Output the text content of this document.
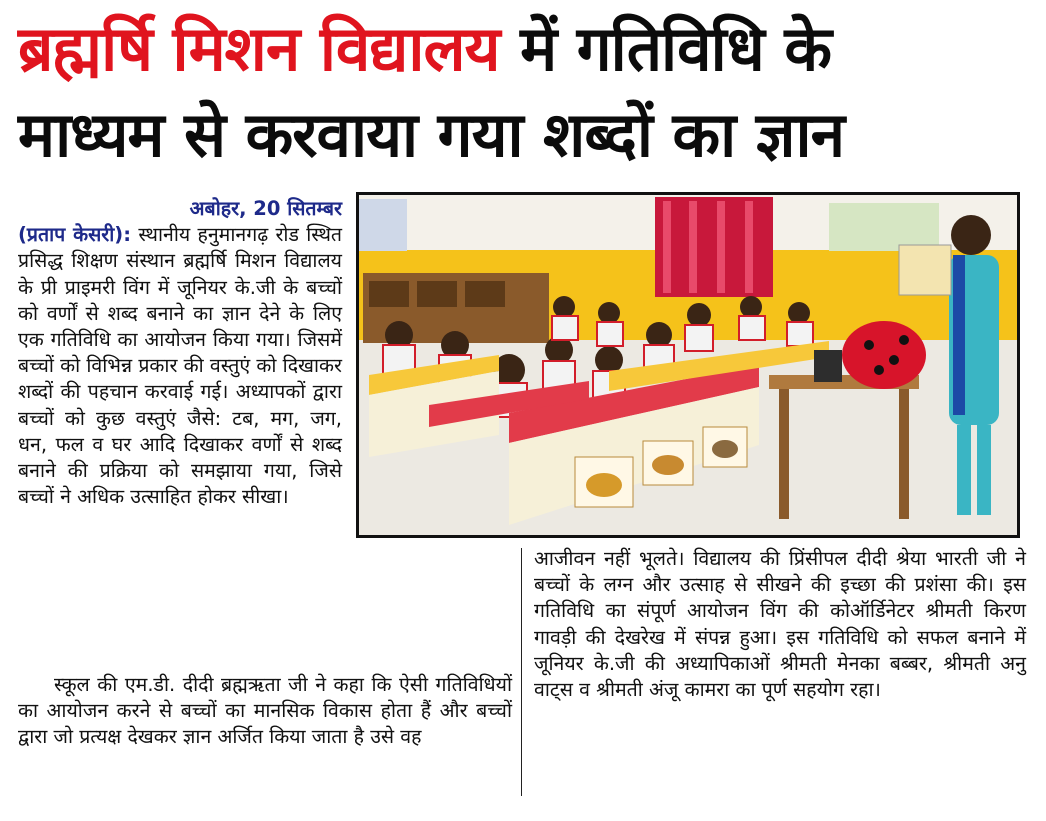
ब्रह्मर्षि मिशन विद्यालय में गतिविधि के
माध्यम से करवाया गया शब्दों का ज्ञान
अबोहर, 20 सितम्बर

(प्रताप केसरी): स्थानीय हनुमानगढ़ रोड स्थित प्रसिद्ध शिक्षण संस्थान ब्रह्मर्षि मिशन विद्यालय के प्री प्राइमरी विंग में जूनियर के.जी के बच्चों को वर्णों से शब्द बनाने का ज्ञान देने के लिए एक गतिविधि का आयोजन किया गया। जिसमें बच्चों को विभिन्न प्रकार की वस्तुएं को दिखाकर शब्दों की पहचान करवाई गई। अध्यापकों द्वारा बच्चों को कुछ वस्तुएं जैसे: टब, मग, जग, धन, फल व घर आदि दिखाकर वर्णों से शब्द बनाने की प्रक्रिया को समझाया गया, जिसे बच्चों ने अधिक उत्साहित होकर सीखा।

स्कूल की एम.डी. दीदी ब्रह्मऋता जी ने कहा कि ऐसी गतिविधियों का आयोजन करने से बच्चों का मानसिक विकास होता हैं और बच्चों द्वारा जो प्रत्यक्ष देखकर ज्ञान अर्जित किया जाता है उसे वह

आजीवन नहीं भूलते। विद्यालय की प्रिंसीपल दीदी श्रेया भारती जी ने बच्चों के लग्न और उत्साह से सीखने की इच्छा की प्रशंसा की। इस गतिविधि का संपूर्ण आयोजन विंग की कोऑर्डिनेटर श्रीमती किरण गावड़ी की देखरेख में संपन्न हुआ। इस गतिविधि को सफल बनाने में जूनियर के.जी की अध्यापिकाओं श्रीमती मेनका बब्बर, श्रीमती अनु वाट्स व श्रीमती अंजू कामरा का पूर्ण सहयोग रहा।
